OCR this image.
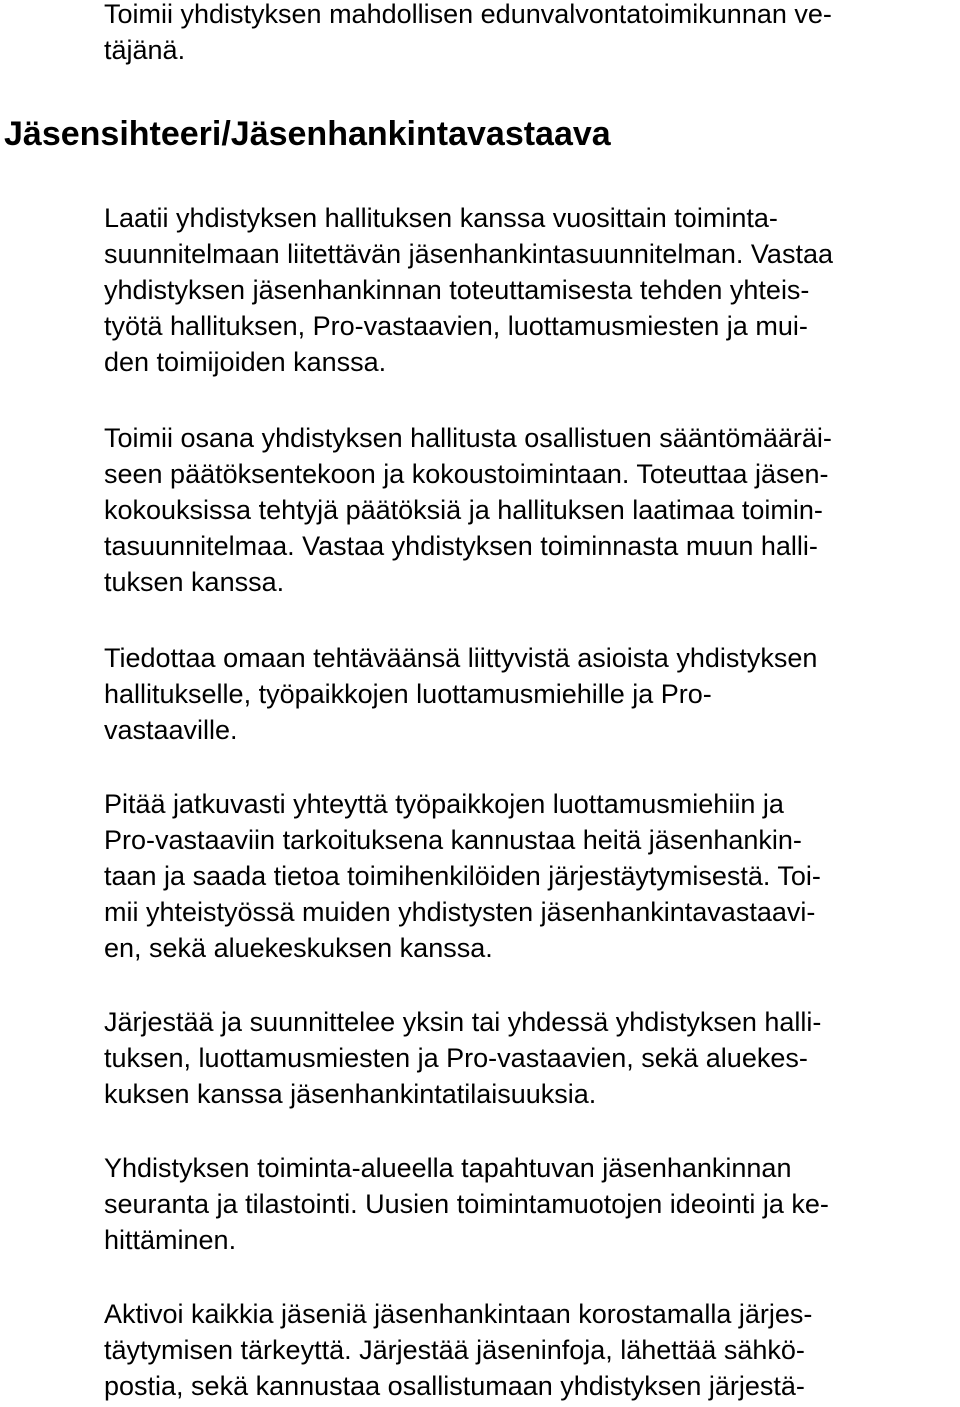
Toimii yhdistyksen mahdollisen edunvalvontatoimikunnan ve-
täjänä.
Jäsensihteeri/Jäsenhankintavastaava
Laatii yhdistyksen hallituksen kanssa vuosittain toiminta-
suunnitelmaan liitettävän jäsenhankintasuunnitelman. Vastaa
yhdistyksen jäsenhankinnan toteuttamisesta tehden yhteis-
työtä hallituksen, Pro-vastaavien, luottamusmiesten ja mui-
den toimijoiden kanssa.
Toimii osana yhdistyksen hallitusta osallistuen sääntömääräi-
seen päätöksentekoon ja kokoustoimintaan. Toteuttaa jäsen-
kokouksissa tehtyjä päätöksiä ja hallituksen laatimaa toimin-
tasuunnitelmaa. Vastaa yhdistyksen toiminnasta muun halli-
tuksen kanssa.
Tiedottaa omaan tehtäväänsä liittyvistä asioista yhdistyksen
hallitukselle, työpaikkojen luottamusmiehille ja Pro-
vastaaville.
Pitää jatkuvasti yhteyttä työpaikkojen luottamusmiehiin ja
Pro-vastaaviin tarkoituksena kannustaa heitä jäsenhankin-
taan ja saada tietoa toimihenkilöiden järjestäytymisestä. Toi-
mii yhteistyössä muiden yhdistysten jäsenhankintavastaavi-
en, sekä aluekeskuksen kanssa.
Järjestää ja suunnittelee yksin tai yhdessä yhdistyksen halli-
tuksen, luottamusmiesten ja Pro-vastaavien, sekä aluekes-
kuksen kanssa jäsenhankintatilaisuuksia.
Yhdistyksen toiminta-alueella tapahtuvan jäsenhankinnan
seuranta ja tilastointi. Uusien toimintamuotojen ideointi ja ke-
hittäminen.
Aktivoi kaikkia jäseniä jäsenhankintaan korostamalla järjes-
täytymisen tärkeyttä. Järjestää jäseninfoja, lähettää sähkö-
postia, sekä kannustaa osallistumaan yhdistyksen järjestä-
